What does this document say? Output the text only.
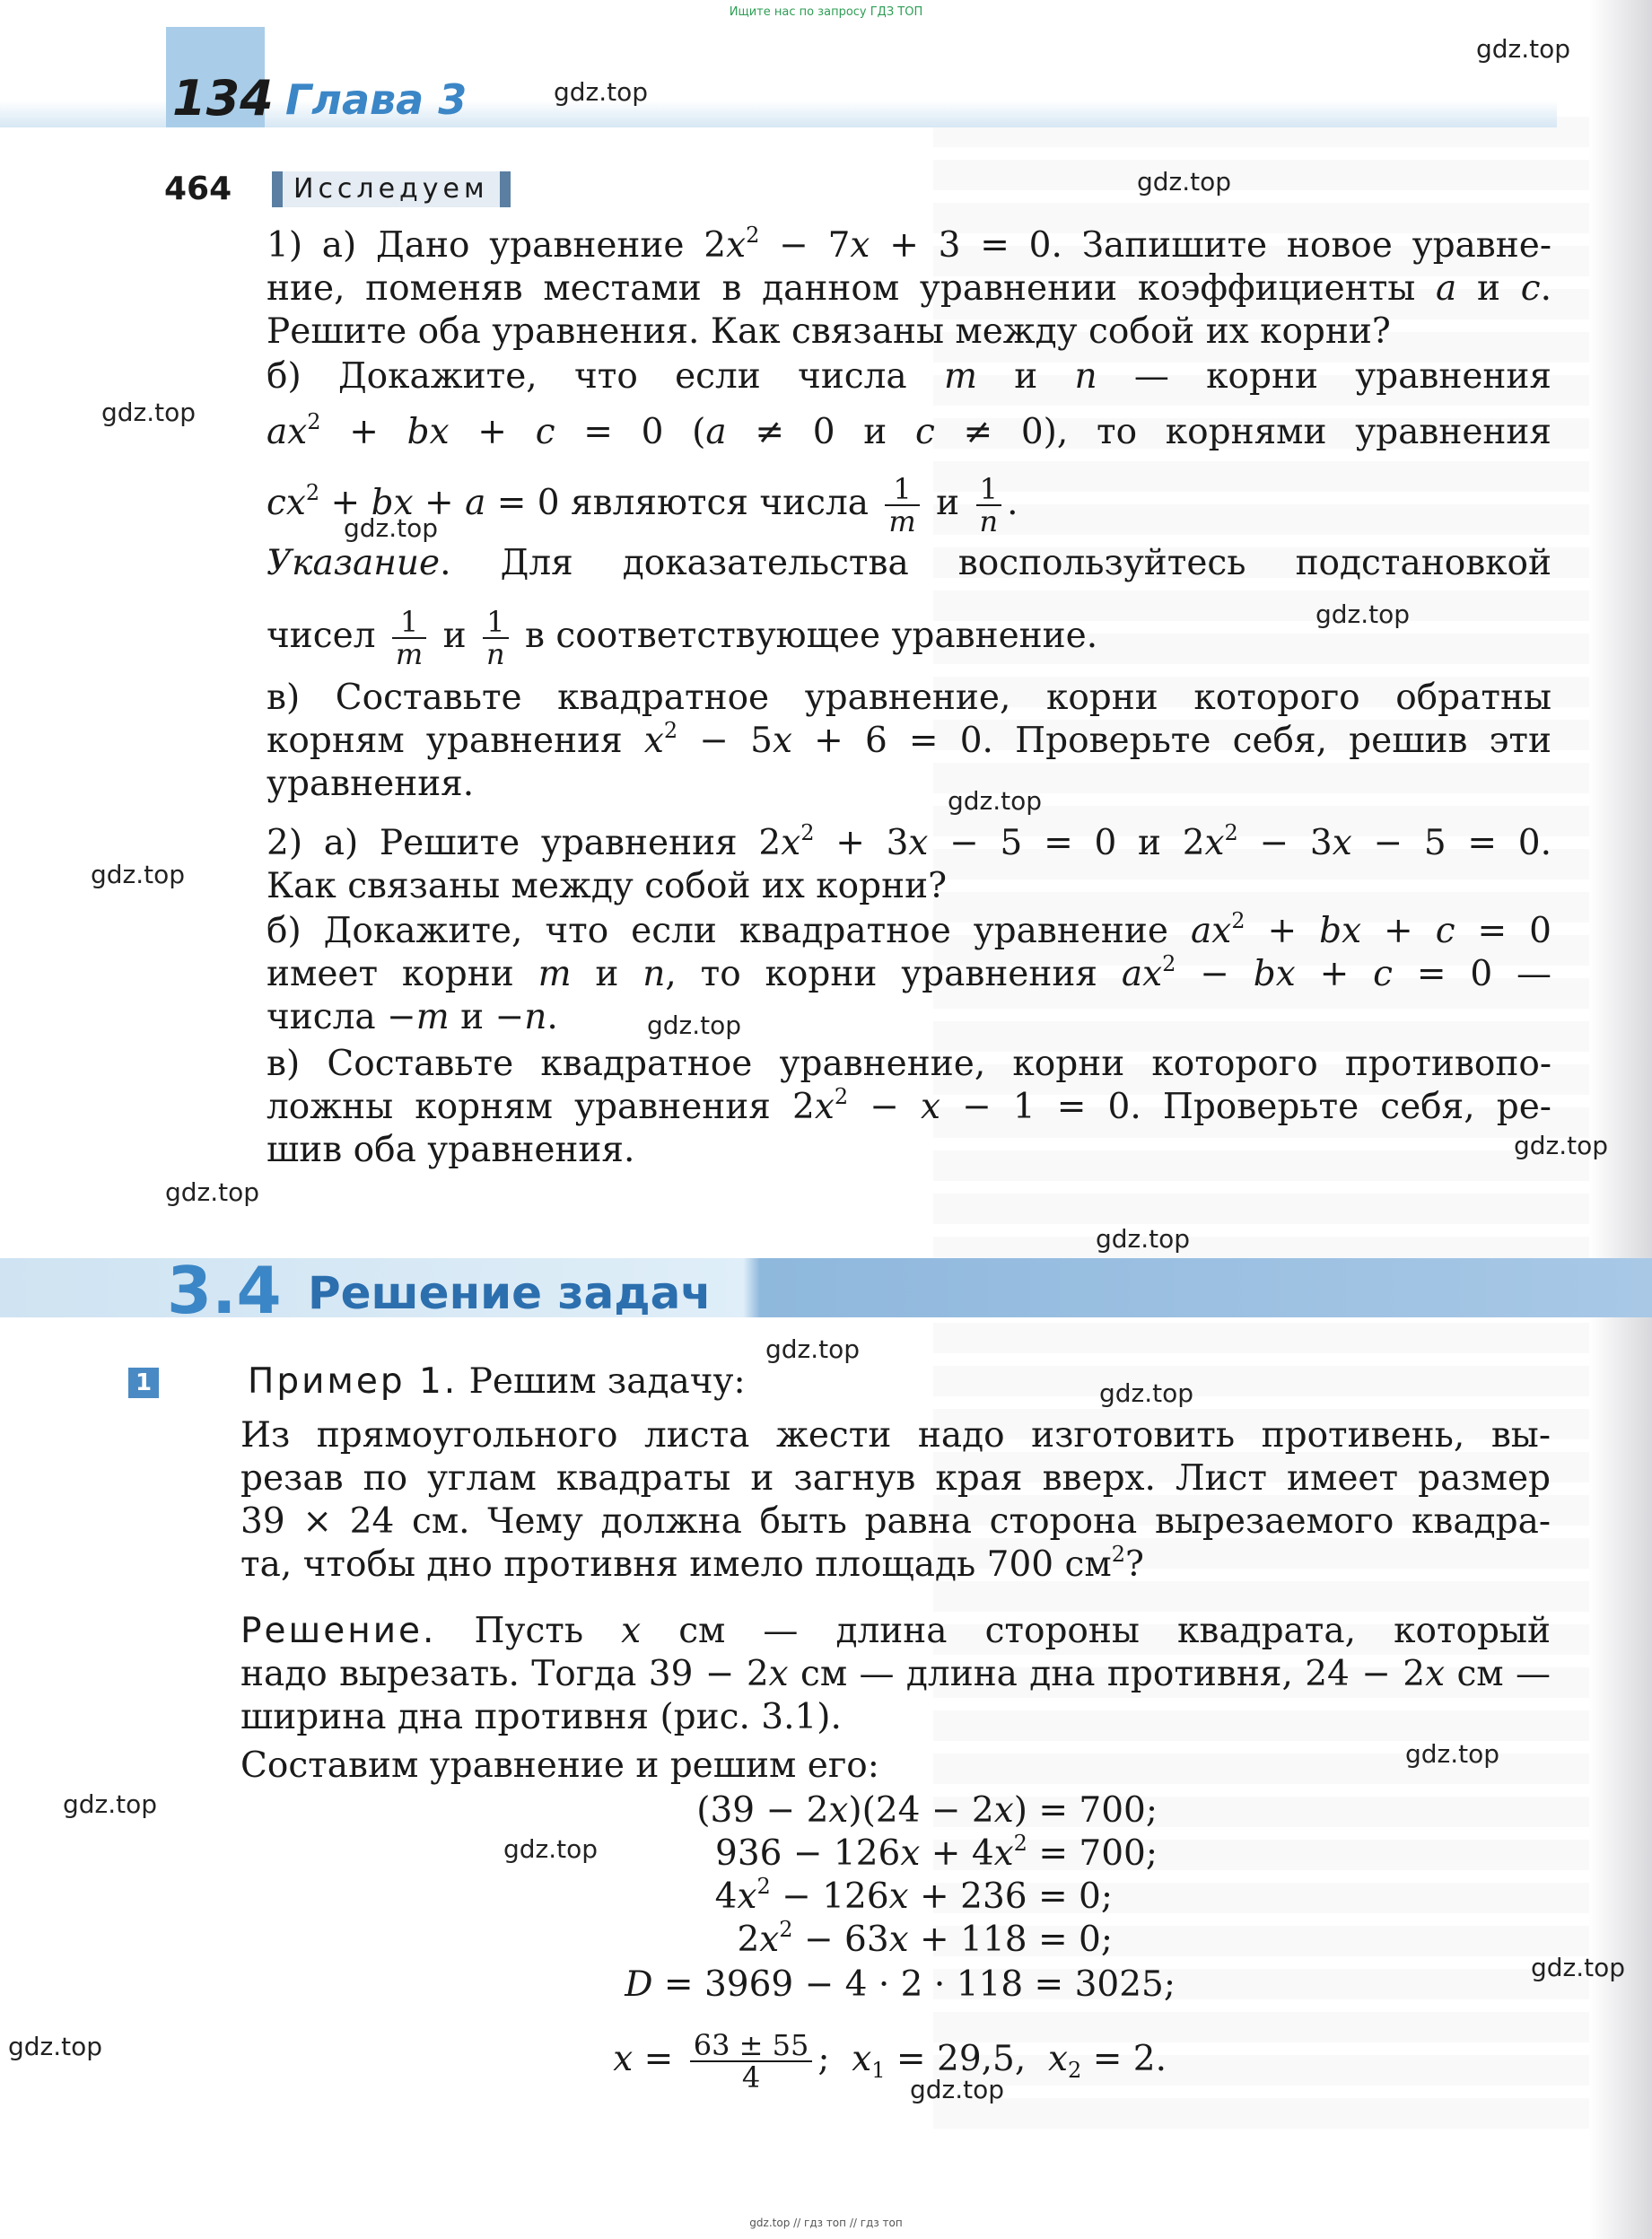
Ищите нас по запросу ГДЗ ТОП
134 Глава 3
464	Исследуем
1) а) Дано уравнение $2x^2 - 7x + 3 = 0$. Запишите новое уравне-
ние, поменяв местами в данном уравнении коэффициенты a и c.
Решите оба уравнения. Как связаны между собой их корни?
б) Докажите, что если числа m и n — корни уравнения
$ax^2$ + bx + c = 0 (a ≠ 0 и c ≠ 0), то корнями уравнения
$cx^2$ + bx + a = 0 являются числа $\frac{1}{m}$ и $\frac{1}{n}$ .
Указание. Для доказательства воспользуйтесь подстановкой
чисел $\frac{1}{m}$ и $\frac{1}{n}$ в соответствующее уравнение.
в) Составьте квадратное уравнение, корни которого обратны
корням уравнения $x^2 - 5x + 6 = 0$. Проверьте себя, решив эти
уравнения.
2) а) Решите уравнения $2x^2 + 3x - 5 = 0$ и $2x^2 - 3x - 5 = 0$.
Как связаны между собой их корни?
б) Докажите, что если квадратное уравнение $ax^2$ + bx + c = 0
имеет корни m и n, то корни уравнения $ax^2$ − bx + c = 0 —
числа −m и −n.
в) Составьте квадратное уравнение, корни которого противопо-
ложны корням уравнения $2x^2 - x - 1 = 0$. Проверьте себя, ре-
шив оба уравнения.
3.4 Решение задач
1	Пример 1. Решим задачу:
Из прямоугольного листа жести надо изготовить противень, вы-
резав по углам квадраты и загнув края вверх. Лист имеет размер
39 × 24 см. Чему должна быть равна сторона вырезаемого квадра-
та, чтобы дно противня имело площадь 700 $см^2$?
Решение. Пусть x см — длина стороны квадрата, который
надо вырезать. Тогда 39 − 2x см — длина дна противня, 24 − 2x см —
ширина дна противня (рис. 3.1).
Составим уравнение и решим его:
(39 − 2x)(24 − 2x) = 700;
$936 - 126x + 4x^2 = 700$;
$4x^2 - 126x + 236 = 0$;
$2x^2 - 63x + 118 = 0$;
D = 3969 − 4 · 2 · 118 = 3025;
$x = \frac{63 \pm 55}{4}$ ;  $x_1 = 29,5$,  $x_2 = 2$.
gdz.top
gdz.top
gdz.top
gdz.top
gdz.top
gdz.top
gdz.top
gdz.top
gdz.top
gdz.top
gdz.top
gdz.top
gdz.top
gdz.top
gdz.top
gdz.top
gdz.top
gdz.top
gdz.top
gdz.top
gdz.top // гдз топ // гдз топ
